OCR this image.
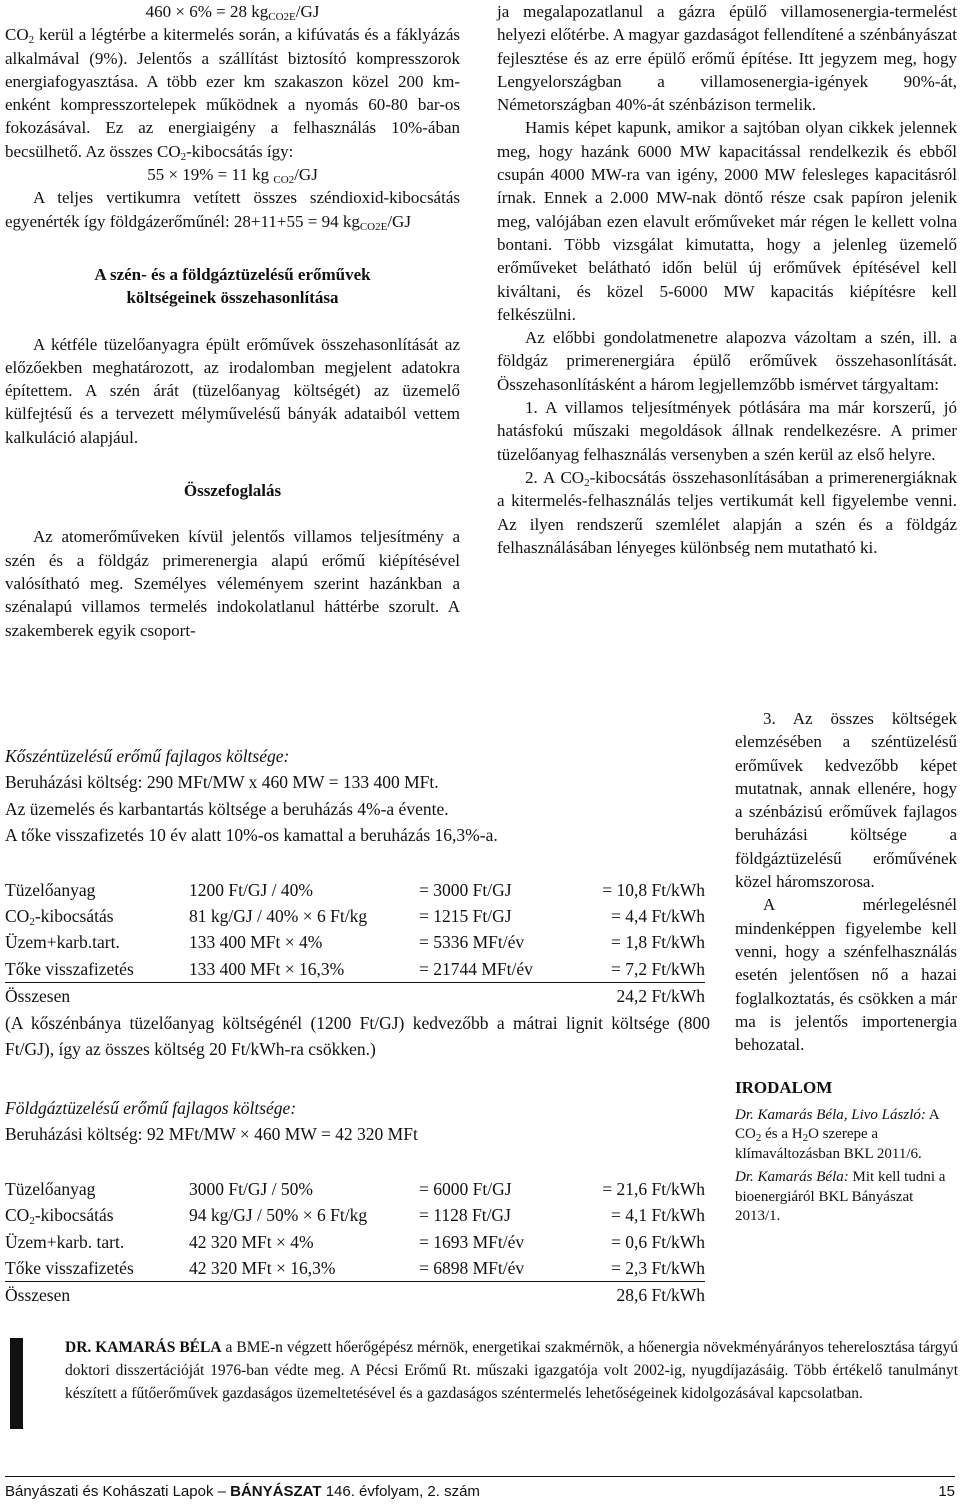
460 × 6% = 28 $kg_{CO2E}/GJ$

$CO_2$ kerül a légtérbe a kitermelés során, a kifúvatás és a fáklyázás alkalmával (9%). Jelentős a szállítást biztosító kompresszorok energiafogyasztása. A több ezer km szakaszon közel 200 km-enként kompresszortelepek működnek a nyomás 60-80 bar-os fokozásával. Ez az energiaigény a felhasználás 10%-ában becsülhető. Az összes $CO_2$-kibocsátás így:

55 × 19% = 11 kg $_{CO2}$/GJ

A teljes vertikumra vetített összes széndioxid-kibocsátás egyenérték így földgázerőműnél: 28+11+55 = 94 $kg_{CO2E}/GJ$

A szén- és a földgáztüzelésű erőművek

költségeinek összehasonlítása

A kétféle tüzelőanyagra épült erőművek összehasonlítását az előzőekben meghatározott, az irodalomban megjelent adatokra építettem. A szén árát (tüzelőanyag költségét) az üzemelő külfejtésű és a tervezett mélyművelésű bányák adataiból vettem kalkuláció alapjául.

Összefoglalás

Az atomerőműveken kívül jelentős villamos teljesítmény a szén és a földgáz primerenergia alapú erőmű kiépítésével valósítható meg. Személyes véleményem szerint hazánkban a szénalapú villamos termelés indokolatlanul háttérbe szorult. A szakemberek egyik csoport-

ja megalapozatlanul a gázra épülő villamosenergia-termelést helyezi előtérbe. A magyar gazdaságot fellendítené a szénbányászat fejlesztése és az erre épülő erőmű építése. Itt jegyzem meg, hogy Lengyelországban a villamosenergia-igények 90%-át, Németországban 40%-át szénbázison termelik.

Hamis képet kapunk, amikor a sajtóban olyan cikkek jelennek meg, hogy hazánk 6000 MW kapacitással rendelkezik és ebből csupán 4000 MW-ra van igény, 2000 MW felesleges kapacitásról írnak. Ennek a 2.000 MW-nak döntő része csak papíron jelenik meg, valójában ezen elavult erőműveket már régen le kellett volna bontani. Több vizsgálat kimutatta, hogy a jelenleg üzemelő erőműveket belátható időn belül új erőművek építésével kell kiváltani, és közel 5-6000 MW kapacitás kiépítésre kell felkészülni.

Az előbbi gondolatmenetre alapozva vázoltam a szén, ill. a földgáz primerenergiára épülő erőművek összehasonlítását. Összehasonlításként a három legjellemzőbb ismérvet tárgyaltam:

1. A villamos teljesítmények pótlására ma már korszerű, jó hatásfokú műszaki megoldások állnak rendelkezésre. A primer tüzelőanyag felhasználás versenyben a szén kerül az első helyre.

2. A $CO_2$-kibocsátás összehasonlításában a primerenergiáknak a kitermelés-felhasználás teljes vertikumát kell figyelembe venni. Az ilyen rendszerű szemlélet alapján a szén és a földgáz felhasználásában lényeges különbség nem mutatható ki.

3. Az összes költségek elemzésében a széntüzelésű erőművek kedvezőbb képet mutatnak, annak ellenére, hogy a szénbázisú erőművek fajlagos beruházási költsége a földgáztüzelésű erőművének közel háromszorosa.

A mérlegelésnél mindenképpen figyelembe kell venni, hogy a szénfelhasználás esetén jelentősen nő a hazai foglalkoztatás, és csökken a már ma is jelentős importenergia behozatal.

IRODALOM

Dr. Kamarás Béla, Livo László: A $CO_2$ és a $H_2O$ szerepe a klímaváltozásban BKL 2011/6.

Dr. Kamarás Béla: Mit kell tudni a bioenergiáról BKL Bányászat 2013/1.

Kőszéntüzelésű erőmű fajlagos költsége:

Beruházási költség: 290 MFt/MW x 460 MW = 133 400 MFt.

Az üzemelés és karbantartás költsége a beruházás 4%-a évente.

A tőke visszafizetés 10 év alatt 10%-os kamattal a beruházás 16,3%-a.

Tüzelőanyag	1200 Ft/GJ / 40%	= 3000 Ft/GJ	= 10,8 Ft/kWh
$CO_2$-kibocsátás	81 kg/GJ / 40% × 6 Ft/kg	= 1215 Ft/GJ	= 4,4 Ft/kWh
Üzem+karb.tart.	133 400 MFt × 4%	= 5336 MFt/év	= 1,8 Ft/kWh
Tőke visszafizetés	133 400 MFt × 16,3%	= 21744 MFt/év	= 7,2 Ft/kWh
Összesen			24,2 Ft/kWh

(A kőszénbánya tüzelőanyag költségénél (1200 Ft/GJ) kedvezőbb a mátrai lignit költsége (800 Ft/GJ), így az összes költség 20 Ft/kWh-ra csökken.)

Földgáztüzelésű erőmű fajlagos költsége:

Beruházási költség: 92 MFt/MW × 460 MW = 42 320 MFt

Tüzelőanyag	3000 Ft/GJ / 50%	= 6000 Ft/GJ	= 21,6 Ft/kWh
$CO_2$-kibocsátás	94 kg/GJ / 50% × 6 Ft/kg	= 1128 Ft/GJ	= 4,1 Ft/kWh
Üzem+karb. tart.	42 320 MFt × 4%	= 1693 MFt/év	= 0,6 Ft/kWh
Tőke visszafizetés	42 320 MFt × 16,3%	= 6898 MFt/év	= 2,3 Ft/kWh
Összesen			28,6 Ft/kWh
DR. KAMARÁS BÉLA a BME-n végzett hőerőgépész mérnök, energetikai szakmérnök, a hőenergia növekményárányos teherelosztása tárgyú doktori disszertációját 1976-ban védte meg. A Pécsi Erőmű Rt. műszaki igazgatója volt 2002-ig, nyugdíjazásáig. Több értékelő tanulmányt készített a fűtőerőművek gazdaságos üzemeltetésével és a gazdaságos széntermelés lehetőségeinek kidolgozásával kapcsolatban.
Bányászati és Kohászati Lapok – BÁNYÁSZAT 146. évfolyam, 2. szám	15
